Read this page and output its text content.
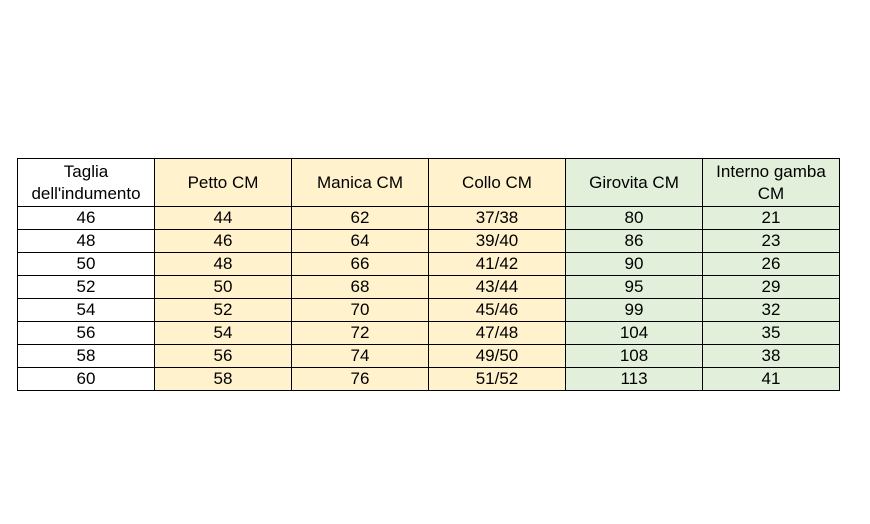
Taglia dell'indumento	Petto CM	Manica CM	Collo CM	Girovita CM	Interno gamba CM
46	44	62	37/38	80	21
48	46	64	39/40	86	23
50	48	66	41/42	90	26
52	50	68	43/44	95	29
54	52	70	45/46	99	32
56	54	72	47/48	104	35
58	56	74	49/50	108	38
60	58	76	51/52	113	41
